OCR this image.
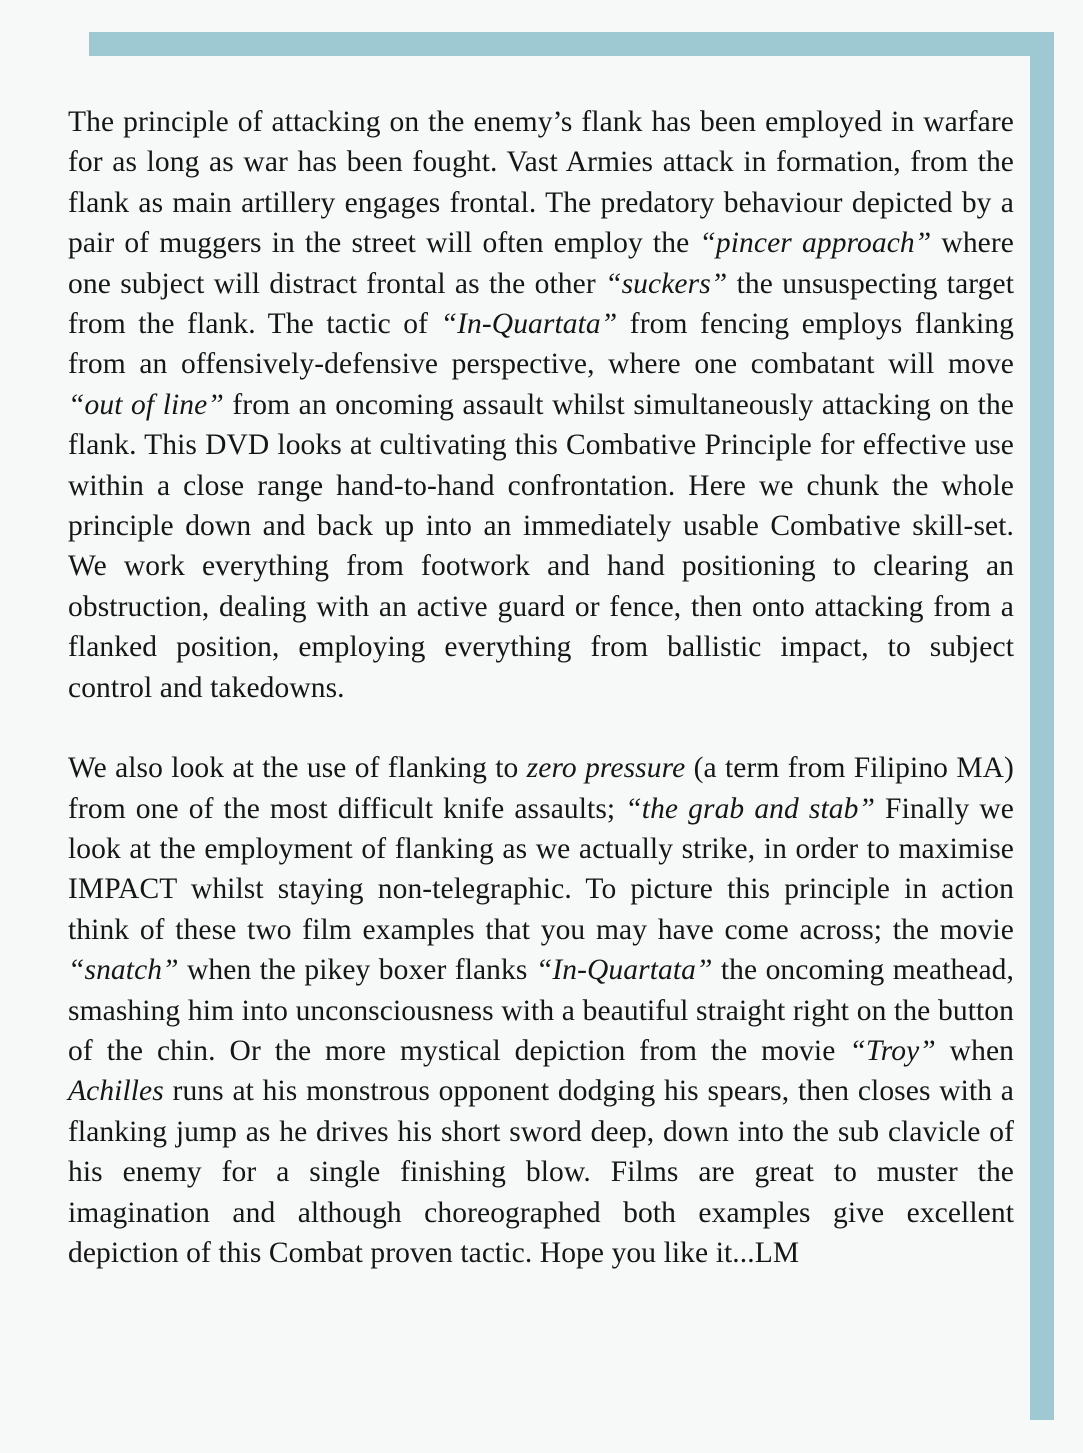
The principle of attacking on the enemy’s flank has been employed in warfare for as long as war has been fought. Vast Armies attack in formation, from the flank as main artillery engages frontal. The predatory behaviour depicted by a pair of muggers in the street will often employ the “pincer approach” where one subject will distract frontal as the other “suckers” the unsuspecting target from the flank. The tactic of “In-Quartata” from fencing employs flanking from an offensively-defensive perspective, where one combatant will move “out of line” from an oncoming assault whilst simultaneously attacking on the flank. This DVD looks at cultivating this Combative Principle for effective use within a close range hand-to-hand confrontation. Here we chunk the whole principle down and back up into an immediately usable Combative skill-set. We work everything from footwork and hand positioning to clearing an obstruction, dealing with an active guard or fence, then onto attacking from a flanked position, employing everything from ballistic impact, to subject control and takedowns.

We also look at the use of flanking to zero pressure (a term from Filipino MA) from one of the most difficult knife assaults; “the grab and stab” Finally we look at the employment of flanking as we actually strike, in order to maximise IMPACT whilst staying non-telegraphic. To picture this principle in action think of these two film examples that you may have come across; the movie “snatch” when the pikey boxer flanks “In-Quartata” the oncoming meathead, smashing him into unconsciousness with a beautiful straight right on the button of the chin. Or the more mystical depiction from the movie “Troy” when Achilles runs at his monstrous opponent dodging his spears, then closes with a flanking jump as he drives his short sword deep, down into the sub clavicle of his enemy for a single finishing blow. Films are great to muster the imagination and although choreographed both examples give excellent depiction of this Combat proven tactic. Hope you like it...LM
